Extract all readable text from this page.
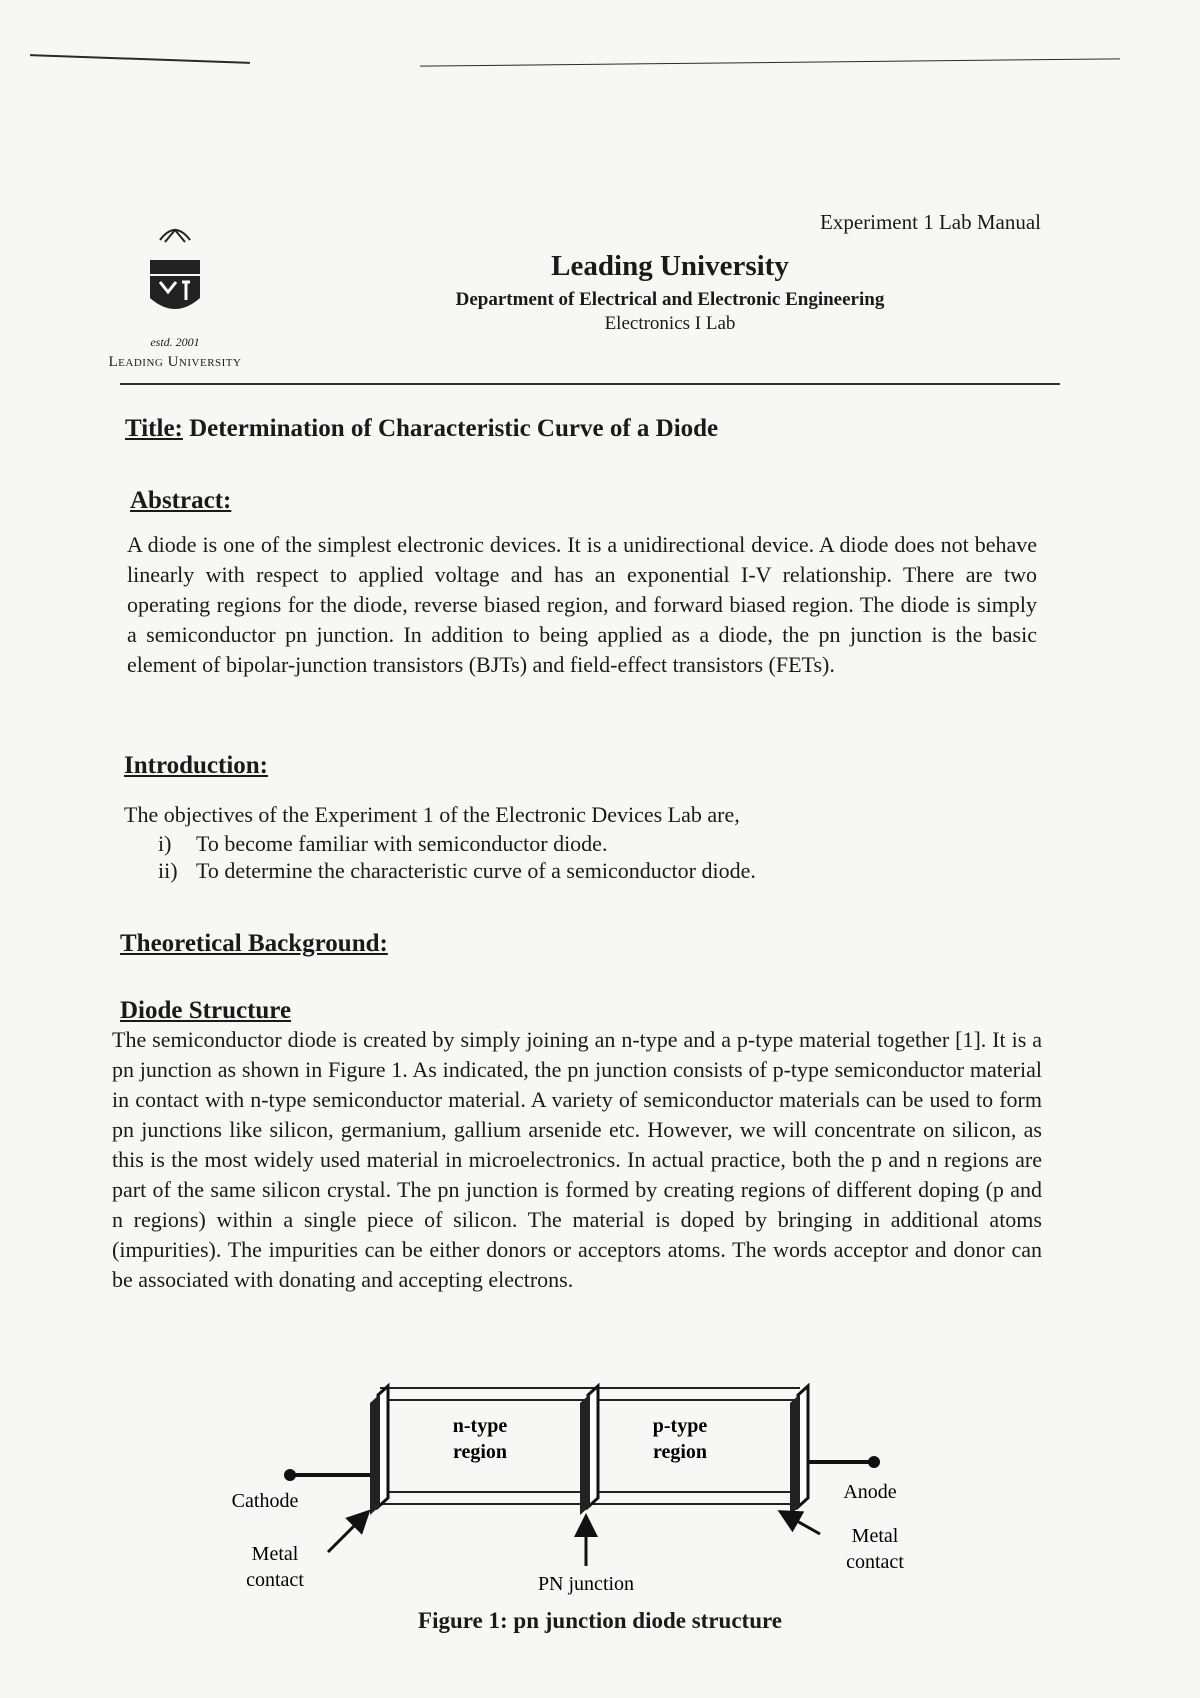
Experiment 1 Lab Manual
estd. 2001
Leading University
Leading University
Department of Electrical and Electronic Engineering
Electronics I Lab
Title: Determination of Characteristic Curve of a Diode
Abstract:

A diode is one of the simplest electronic devices. It is a unidirectional device. A diode does not behave linearly with respect to applied voltage and has an exponential I-V relationship. There are two operating regions for the diode, reverse biased region, and forward biased region. The diode is simply a semiconductor pn junction. In addition to being applied as a diode, the pn junction is the basic element of bipolar-junction transistors (BJTs) and field-effect transistors (FETs).

Introduction:

The objectives of the Experiment 1 of the Electronic Devices Lab are,

i)	To become familiar with semiconductor diode.
ii) To determine the characteristic curve of a semiconductor diode.
Theoretical Background:
Diode Structure

The semiconductor diode is created by simply joining an n-type and a p-type material together [1]. It is a pn junction as shown in Figure 1. As indicated, the pn junction consists of p-type semiconductor material in contact with n-type semiconductor material. A variety of semiconductor materials can be used to form pn junctions like silicon, germanium, gallium arsenide etc. However, we will concentrate on silicon, as this is the most widely used material in microelectronics. In actual practice, both the p and n regions are part of the same silicon crystal. The pn junction is formed by creating regions of different doping (p and n regions) within a single piece of silicon. The material is doped by bringing in additional atoms (impurities). The impurities can be either donors or acceptors atoms. The words acceptor and donor can be associated with donating and accepting electrons.

n-type
region
p-type
region
Cathode	Anode
Metal
contact
Metal
contact
PN junction
Figure 1: pn junction diode structure
